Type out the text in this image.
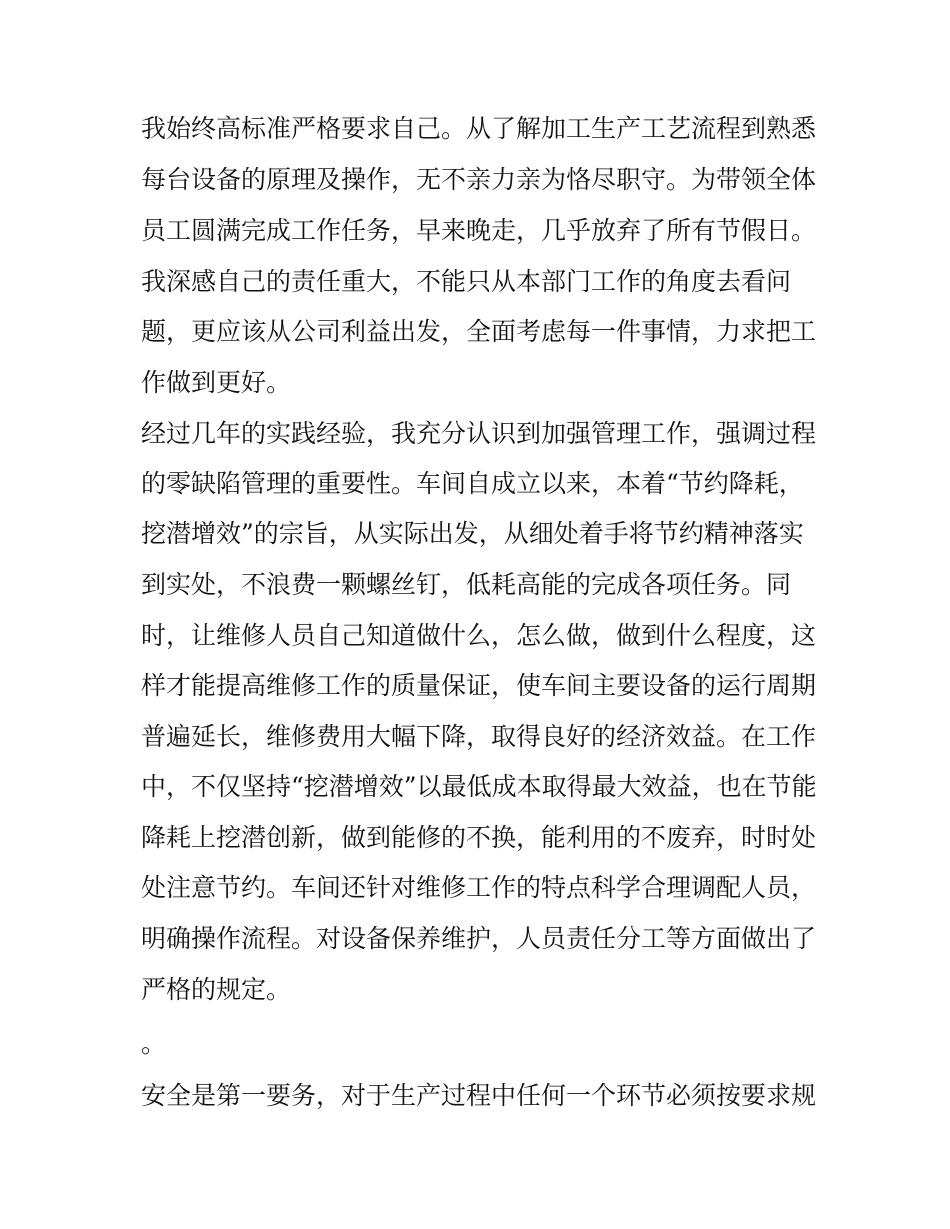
我始终高标准严格要求自己。从了解加工生产工艺流程到熟悉
每台设备的原理及操作，无不亲力亲为恪尽职守。为带领全体
员工圆满完成工作任务，早来晚走，几乎放弃了所有节假日。
我深感自己的责任重大，不能只从本部门工作的角度去看问
题，更应该从公司利益出发，全面考虑每一件事情，力求把工
作做到更好。
经过几年的实践经验，我充分认识到加强管理工作，强调过程
的零缺陷管理的重要性。车间自成立以来，本着“节约降耗，
挖潜增效”的宗旨，从实际出发，从细处着手将节约精神落实
到实处，不浪费一颗螺丝钉，低耗高能的完成各项任务。同
时，让维修人员自己知道做什么，怎么做，做到什么程度，这
样才能提高维修工作的质量保证，使车间主要设备的运行周期
普遍延长，维修费用大幅下降，取得良好的经济效益。在工作
中，不仅坚持“挖潜增效”以最低成本取得最大效益，也在节能
降耗上挖潜创新，做到能修的不换，能利用的不废弃，时时处
处注意节约。车间还针对维修工作的特点科学合理调配人员，
明确操作流程。对设备保养维护，人员责任分工等方面做出了
严格的规定。
。
安全是第一要务，对于生产过程中任何一个环节必须按要求规
